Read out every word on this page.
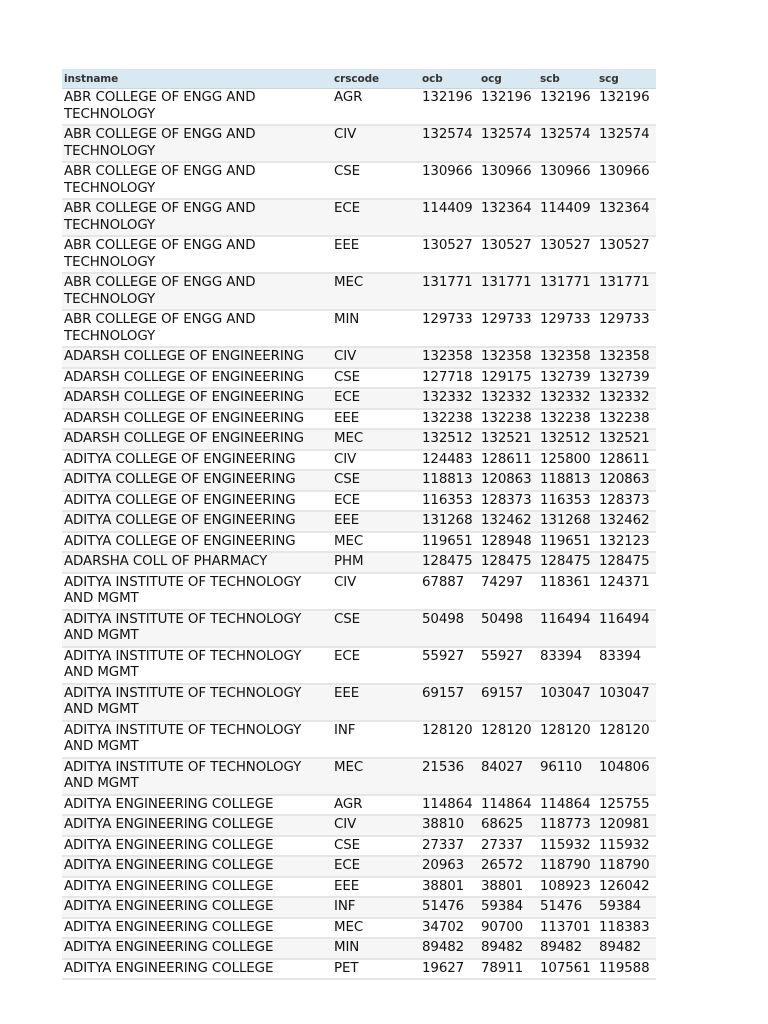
instname	crscode	ocb	ocg	scb	scg
ABR COLLEGE OF ENGG AND TECHNOLOGY	AGR	132196	132196	132196	132196
ABR COLLEGE OF ENGG AND TECHNOLOGY	CIV	132574	132574	132574	132574
ABR COLLEGE OF ENGG AND TECHNOLOGY	CSE	130966	130966	130966	130966
ABR COLLEGE OF ENGG AND TECHNOLOGY	ECE	114409	132364	114409	132364
ABR COLLEGE OF ENGG AND TECHNOLOGY	EEE	130527	130527	130527	130527
ABR COLLEGE OF ENGG AND TECHNOLOGY	MEC	131771	131771	131771	131771
ABR COLLEGE OF ENGG AND TECHNOLOGY	MIN	129733	129733	129733	129733
ADARSH COLLEGE OF ENGINEERING	CIV	132358	132358	132358	132358
ADARSH COLLEGE OF ENGINEERING	CSE	127718	129175	132739	132739
ADARSH COLLEGE OF ENGINEERING	ECE	132332	132332	132332	132332
ADARSH COLLEGE OF ENGINEERING	EEE	132238	132238	132238	132238
ADARSH COLLEGE OF ENGINEERING	MEC	132512	132521	132512	132521
ADITYA COLLEGE OF ENGINEERING	CIV	124483	128611	125800	128611
ADITYA COLLEGE OF ENGINEERING	CSE	118813	120863	118813	120863
ADITYA COLLEGE OF ENGINEERING	ECE	116353	128373	116353	128373
ADITYA COLLEGE OF ENGINEERING	EEE	131268	132462	131268	132462
ADITYA COLLEGE OF ENGINEERING	MEC	119651	128948	119651	132123
ADARSHA COLL OF PHARMACY	PHM	128475	128475	128475	128475
ADITYA INSTITUTE OF TECHNOLOGY AND MGMT	CIV	67887	74297	118361	124371
ADITYA INSTITUTE OF TECHNOLOGY AND MGMT	CSE	50498	50498	116494	116494
ADITYA INSTITUTE OF TECHNOLOGY AND MGMT	ECE	55927	55927	83394	83394
ADITYA INSTITUTE OF TECHNOLOGY AND MGMT	EEE	69157	69157	103047	103047
ADITYA INSTITUTE OF TECHNOLOGY AND MGMT	INF	128120	128120	128120	128120
ADITYA INSTITUTE OF TECHNOLOGY AND MGMT	MEC	21536	84027	96110	104806
ADITYA ENGINEERING COLLEGE	AGR	114864	114864	114864	125755
ADITYA ENGINEERING COLLEGE	CIV	38810	68625	118773	120981
ADITYA ENGINEERING COLLEGE	CSE	27337	27337	115932	115932
ADITYA ENGINEERING COLLEGE	ECE	20963	26572	118790	118790
ADITYA ENGINEERING COLLEGE	EEE	38801	38801	108923	126042
ADITYA ENGINEERING COLLEGE	INF	51476	59384	51476	59384
ADITYA ENGINEERING COLLEGE	MEC	34702	90700	113701	118383
ADITYA ENGINEERING COLLEGE	MIN	89482	89482	89482	89482
ADITYA ENGINEERING COLLEGE	PET	19627	78911	107561	119588
